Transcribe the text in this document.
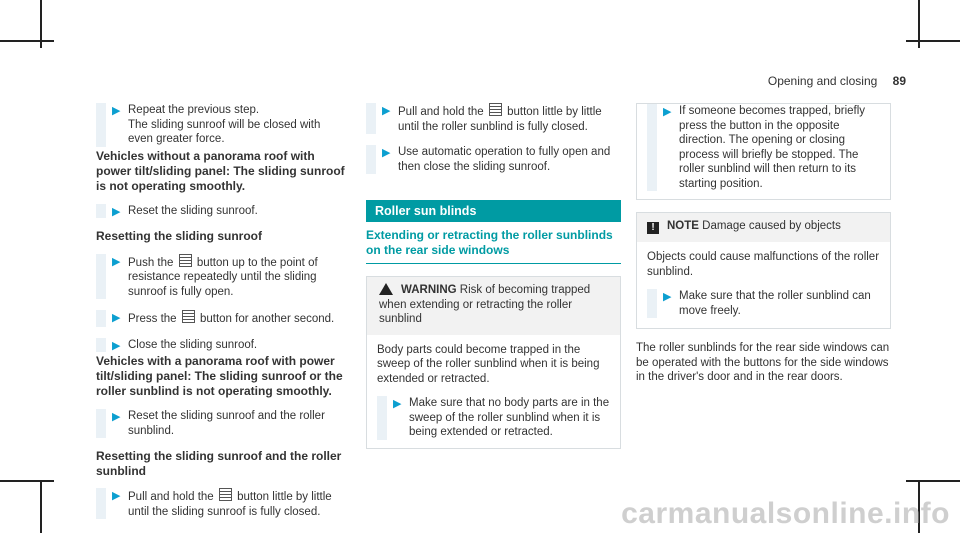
Opening and closing 89
▶ Repeat the previous step.
The sliding sunroof will be closed with even greater force.
Vehicles without a panorama roof with power tilt/sliding panel: The sliding sunroof is not operating smoothly.
▶ Reset the sliding sunroof.
Resetting the sliding sunroof
▶ Push the button up to the point of resistance repeatedly until the sliding sunroof is fully open.
▶ Press the button for another second.
▶ Close the sliding sunroof.
Vehicles with a panorama roof with power tilt/sliding panel: The sliding sunroof or the roller sunblind is not operating smoothly.
▶ Reset the sliding sunroof and the roller sunblind.
Resetting the sliding sunroof and the roller sunblind
▶ Pull and hold the button little by little until the sliding sunroof is fully closed.
▶ Pull and hold the button little by little until the roller sunblind is fully closed.
▶ Use automatic operation to fully open and then close the sliding sunroof.
Roller sun blinds
Extending or retracting the roller sunblinds on the rear side windows
WARNING Risk of becoming trapped when extending or retracting the roller sunblind
Body parts could become trapped in the sweep of the roller sunblind when it is being extended or retracted.
▶ Make sure that no body parts are in the sweep of the roller sunblind when it is being extended or retracted.
▶ If someone becomes trapped, briefly press the button in the opposite direction. The opening or closing process will briefly be stopped. The roller sunblind will then return to its starting position.
! NOTE Damage caused by objects
Objects could cause malfunctions of the roller sunblind.
▶ Make sure that the roller sunblind can move freely.
The roller sunblinds for the rear side windows can be operated with the buttons for the side windows in the driver's door and in the rear doors.
carmanualsonline.info
